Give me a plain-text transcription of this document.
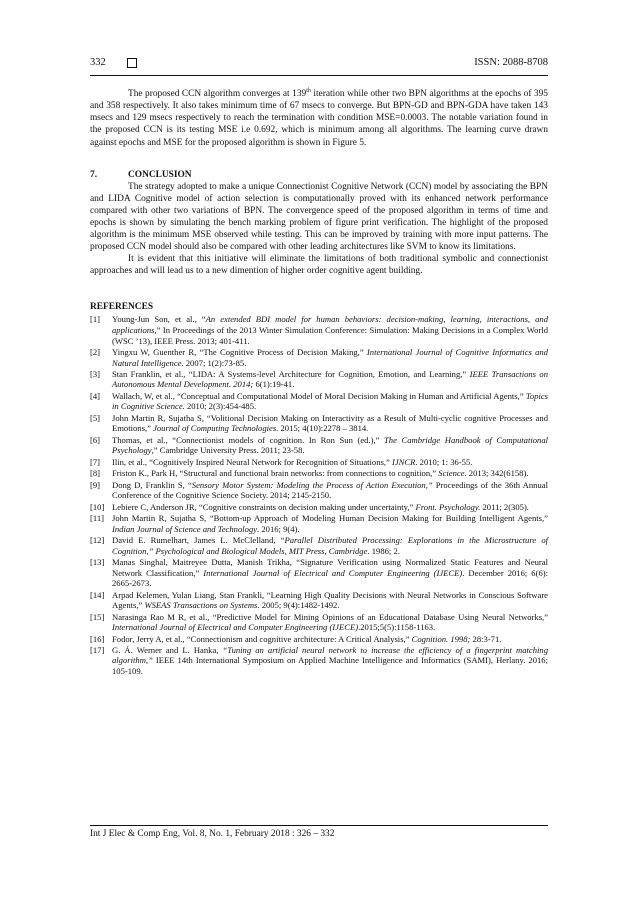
332	ISSN: 2088-8708

The proposed CCN algorithm converges at 139th iteration while other two BPN algorithms at the epochs of 395 and 358 respectively. It also takes minimum time of 67 msecs to converge. But BPN-GD and BPN-GDA have taken 143 msecs and 129 msecs respectively to reach the termination with condition MSE=0.0003. The notable variation found in the proposed CCN is its testing MSE i.e 0.692, which is minimum among all algorithms. The learning curve drawn against epochs and MSE for the proposed algorithm is shown in Figure 5.

7.	CONCLUSION

The strategy adopted to make a unique Connectionist Cognitive Network (CCN) model by associating the BPN and LIDA Cognitive model of action selection is computationally proved with its enhanced network performance compared with other two variations of BPN. The convergence speed of the proposed algorithm in terms of time and epochs is shown by simulating the bench marking problem of figure print verification. The highlight of the proposed algorithm is the minimum MSE observed while testing. This can be improved by training with more input patterns. The proposed CCN model should also be compared with other leading architectures like SVM to know its limitations.

It is evident that this initiative will eliminate the limitations of both traditional symbolic and connectionist approaches and will lead us to a new dimention of higher order cognitive agent building.

REFERENCES
[1]	Young-Jun Son, et al., “An extended BDI model for human behaviors: decision-making, learning, interactions, and applications,” In Proceedings of the 2013 Winter Simulation Conference: Simulation: Making Decisions in a Complex World (WSC ’13), IEEE Press. 2013; 401-411.
[2]	Yingxu W, Guenther R, “The Cognitive Process of Decision Making,” International Journal of Cognitive Informatics and Natural Intelligence. 2007; 1(2):73-85.
[3]	Stan Franklin, et al., “LIDA: A Systems-level Architecture for Cognition, Emotion, and Learning,” IEEE Transactions on Autonomous Mental Development. 2014; 6(1):19-41.
[4]	Wallach, W, et al., “Conceptual and Computational Model of Moral Decision Making in Human and Artificial Agents,” Topics in Cognitive Science. 2010; 2(3):454-485.
[5]	John Martin R, Sujatha S, “Volitional Decision Making on Interactivity as a Result of Multi-cyclic cognitive Processes and Emotions,” Journal of Computing Technologies. 2015; 4(10):2278 – 3814.
[6]	Thomas, et al., “Connectionist models of cognition. In Ron Sun (ed.),” The Cambridge Handbook of Computational Psychology,” Cambridge University Press. 2011; 23-58.
[7]	Ilin, et al., “Cognitively Inspired Neural Network for Recognition of Situations,” IJNCR. 2010; 1: 36-55.
[8]	Friston K., Park H, “Structural and functional brain networks: from connections to cognition,” Science. 2013; 342(6158).
[9]	Dong D, Franklin S, “Sensory Motor System: Modeling the Process of Action Execution,” Proceedings of the 36th Annual Conference of the Cognitive Science Society. 2014; 2145-2150.
[10] Lebiere C, Anderson JR, “Cognitive constraints on decision making under uncertainty,” Front. Psychology. 2011; 2(305).
[11] John Martin R, Sujatha S, “Bottom-up Approach of Modeling Human Decision Making for Building Intelligent Agents,” Indian Journal of Science and Technology. 2016; 9(4).
[12] David E. Rumelhart, James L. McClelland, “Parallel Distributed Processing: Explorations in the Microstructure of Cognition,” Psychological and Biological Models, MIT Press, Cambridge. 1986; 2.
[13] Manas Singhal, Maitreyee Dutta, Manish Trikha, “Signature Verification using Normalized Static Features and Neural Network Classification,” International Journal of Electrical and Computer Engineering (IJECE). December 2016; 6(6): 2665-2673.
[14] Arpad Kelemen, Yulan Liang, Stan Frankli, “Learning High Quality Decisions with Neural Networks in Conscious Software Agents,” WSEAS Transactions on Systems. 2005; 9(4):1482-1492.
[15] Narasinga Rao M R, et al., “Predictive Model for Mining Opinions of an Educational Database Using Neural Networks,” International Journal of Electrical and Computer Engineering (IJECE).2015;5(5):1158-1163.
[16] Fodor, Jerry A, et al., “Connectionism and cognitive architecture: A Critical Analysis,” Cognition. 1998; 28:3-71.
[17] G. Á. Werner and L. Hanka, “Tuning an artificial neural network to increase the efficiency of a fingerprint matching algorithm,” IEEE 14th International Symposium on Applied Machine Intelligence and Informatics (SAMI), Herlany. 2016; 105-109.
Int J Elec & Comp Eng, Vol. 8, No. 1, February 2018 : 326 – 332
